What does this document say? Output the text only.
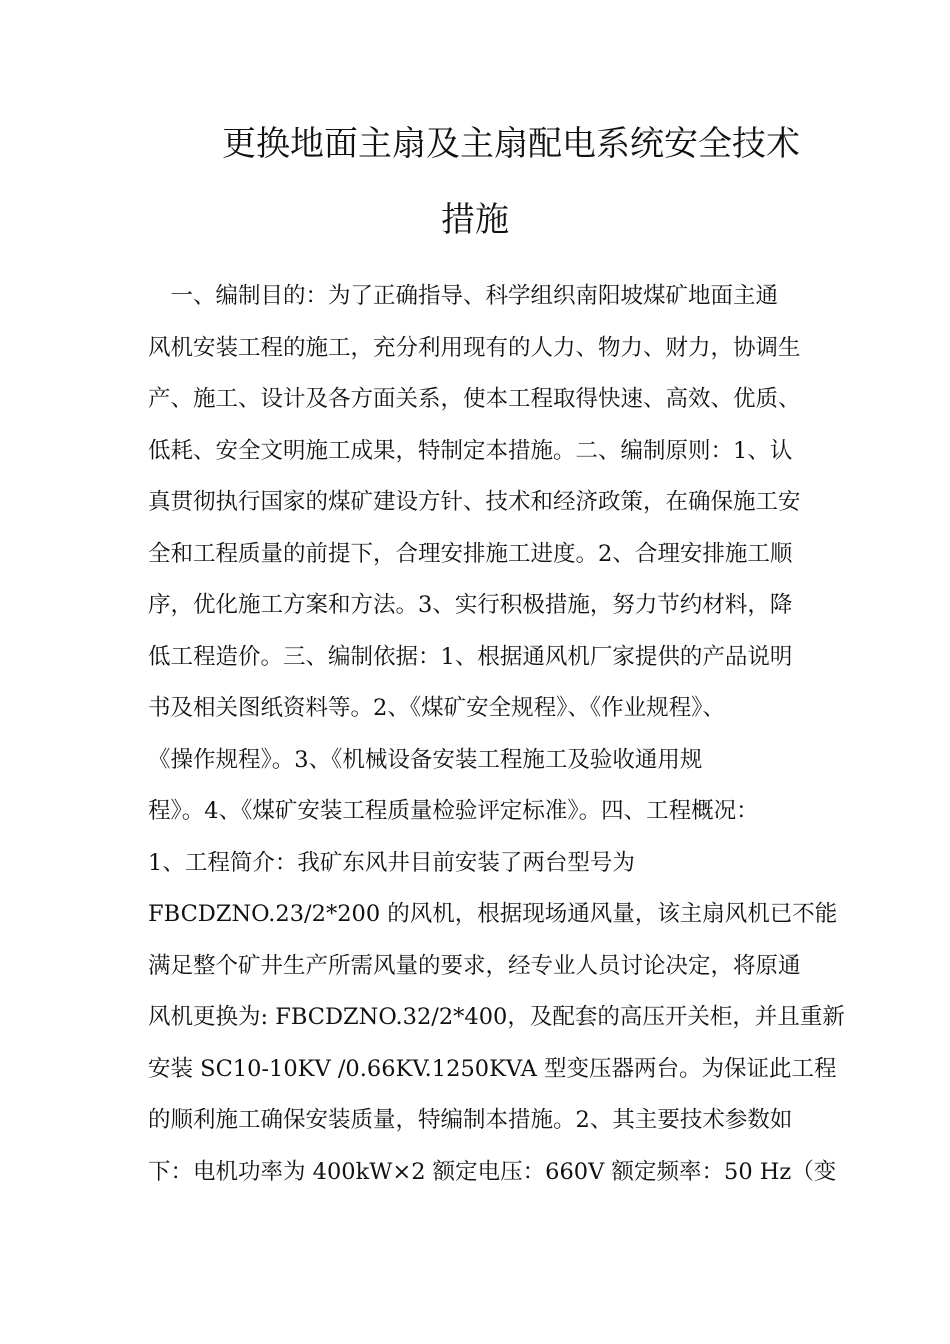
更换地面主扇及主扇配电系统安全技术
措施
　一、编制目的：为了正确指导、科学组织南阳坡煤矿地面主通
风机安装工程的施工，充分利用现有的人力、物力、财力，协调生
产、施工、设计及各方面关系，使本工程取得快速、高效、优质、
低耗、安全文明施工成果，特制定本措施。二、编制原则：1、认
真贯彻执行国家的煤矿建设方针、技术和经济政策，在确保施工安
全和工程质量的前提下，合理安排施工进度。2、合理安排施工顺
序，优化施工方案和方法。3、实行积极措施，努力节约材料，降
低工程造价。三、编制依据：1、根据通风机厂家提供的产品说明
书及相关图纸资料等。2、《煤矿安全规程》、《作业规程》、
《操作规程》。3、《机械设备安装工程施工及验收通用规
程》。4、《煤矿安装工程质量检验评定标准》。四、工程概况：
1、工程简介：我矿东风井目前安装了两台型号为
FBCDZNO.23/2*200 的风机，根据现场通风量，该主扇风机已不能
满足整个矿井生产所需风量的要求，经专业人员讨论决定，将原通
风机更换为: FBCDZNO.32/2*400，及配套的高压开关柜，并且重新
安装 SC10-10KV /0.66KV.1250KVA 型变压器两台。为保证此工程
的顺利施工确保安装质量，特编制本措施。2、其主要技术参数如
下：电机功率为 400kW×2 额定电压：660V 额定频率：50 Hz（变
